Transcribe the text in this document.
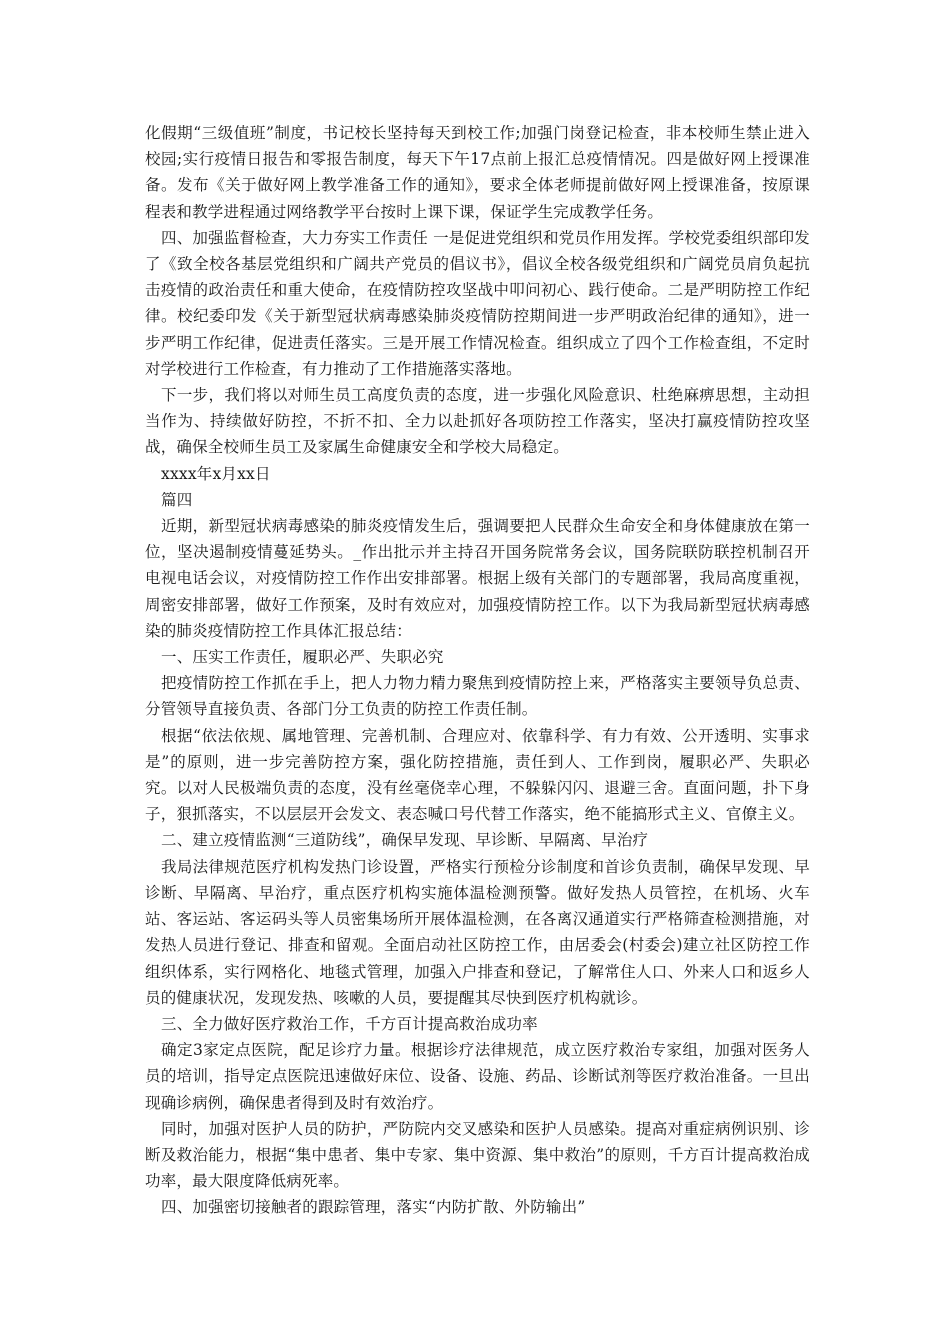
化假期“三级值班”制度，书记校长坚持每天到校工作;加强门岗登记检查，非本校师生禁止进入校园;实行疫情日报告和零报告制度，每天下午17点前上报汇总疫情情况。四是做好网上授课准备。发布《关于做好网上教学准备工作的通知》，要求全体老师提前做好网上授课准备，按原课程表和教学进程通过网络教学平台按时上课下课，保证学生完成教学任务。

四、加强监督检查，大力夯实工作责任 一是促进党组织和党员作用发挥。学校党委组织部印发了《致全校各基层党组织和广阔共产党员的倡议书》，倡议全校各级党组织和广阔党员肩负起抗击疫情的政治责任和重大使命，在疫情防控攻坚战中叩问初心、践行使命。二是严明防控工作纪律。校纪委印发《关于新型冠状病毒感染肺炎疫情防控期间进一步严明政治纪律的通知》，进一步严明工作纪律，促进责任落实。三是开展工作情况检查。组织成立了四个工作检查组，不定时对学校进行工作检查，有力推动了工作措施落实落地。

下一步，我们将以对师生员工高度负责的态度，进一步强化风险意识、杜绝麻痹思想，主动担当作为、持续做好防控，不折不扣、全力以赴抓好各项防控工作落实，坚决打赢疫情防控攻坚战，确保全校师生员工及家属生命健康安全和学校大局稳定。

xxxx年x月xx日

篇四

近期，新型冠状病毒感染的肺炎疫情发生后，强调要把人民群众生命安全和身体健康放在第一位，坚决遏制疫情蔓延势头。_作出批示并主持召开国务院常务会议，国务院联防联控机制召开电视电话会议，对疫情防控工作作出安排部署。根据上级有关部门的专题部署，我局高度重视，周密安排部署，做好工作预案，及时有效应对，加强疫情防控工作。以下为我局新型冠状病毒感染的肺炎疫情防控工作具体汇报总结：

一、压实工作责任，履职必严、失职必究

把疫情防控工作抓在手上，把人力物力精力聚焦到疫情防控上来，严格落实主要领导负总责、分管领导直接负责、各部门分工负责的防控工作责任制。

根据“依法依规、属地管理、完善机制、合理应对、依靠科学、有力有效、公开透明、实事求是”的原则，进一步完善防控方案，强化防控措施，责任到人、工作到岗，履职必严、失职必究。以对人民极端负责的态度，没有丝毫侥幸心理，不躲躲闪闪、退避三舍。直面问题，扑下身子，狠抓落实，不以层层开会发文、表态喊口号代替工作落实，绝不能搞形式主义、官僚主义。

二、建立疫情监测“三道防线”，确保早发现、早诊断、早隔离、早治疗

我局法律规范医疗机构发热门诊设置，严格实行预检分诊制度和首诊负责制，确保早发现、早诊断、早隔离、早治疗，重点医疗机构实施体温检测预警。做好发热人员管控，在机场、火车站、客运站、客运码头等人员密集场所开展体温检测，在各离汉通道实行严格筛查检测措施，对发热人员进行登记、排查和留观。全面启动社区防控工作，由居委会(村委会)建立社区防控工作组织体系，实行网格化、地毯式管理，加强入户排查和登记，了解常住人口、外来人口和返乡人员的健康状况，发现发热、咳嗽的人员，要提醒其尽快到医疗机构就诊。

三、全力做好医疗救治工作，千方百计提高救治成功率

确定3家定点医院，配足诊疗力量。根据诊疗法律规范，成立医疗救治专家组，加强对医务人员的培训，指导定点医院迅速做好床位、设备、设施、药品、诊断试剂等医疗救治准备。一旦出现确诊病例，确保患者得到及时有效治疗。

同时，加强对医护人员的防护，严防院内交叉感染和医护人员感染。提高对重症病例识别、诊断及救治能力，根据“集中患者、集中专家、集中资源、集中救治”的原则，千方百计提高救治成功率，最大限度降低病死率。

四、加强密切接触者的跟踪管理，落实“内防扩散、外防输出”
